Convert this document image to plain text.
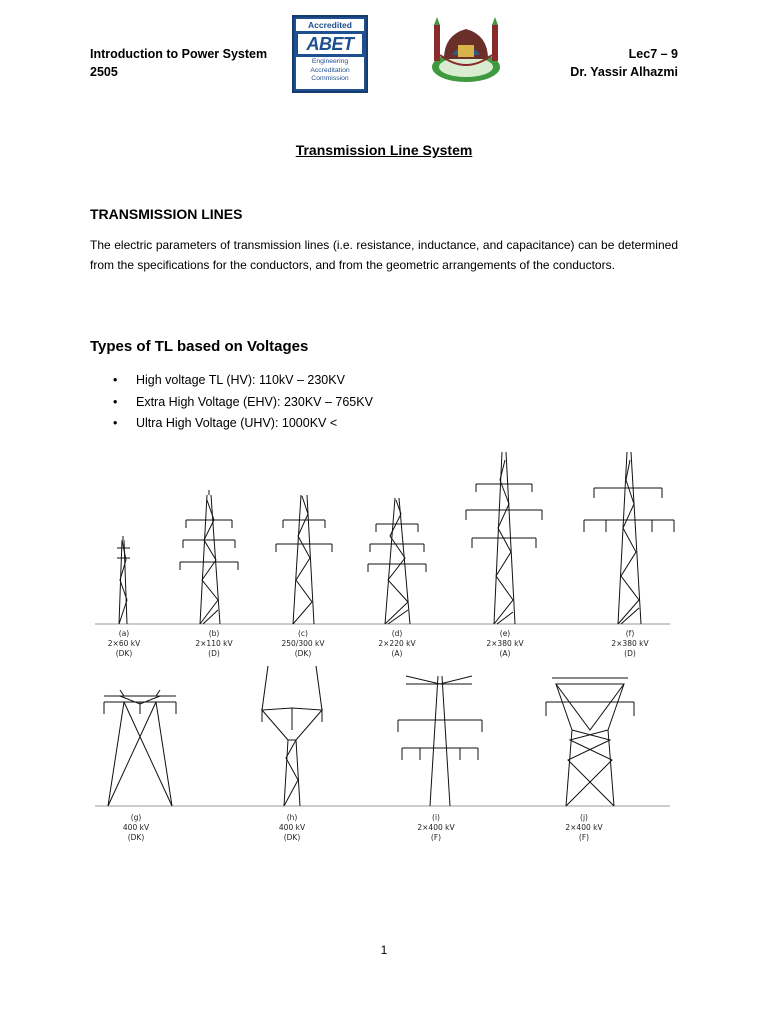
Introduction to Power System
2505
Accredited
ABET
Engineering
Accreditation
Commission
Lec7 – 9
Dr. Yassir Alhazmi
Transmission Line System
TRANSMISSION LINES
The electric parameters of transmission lines (i.e. resistance, inductance, and capacitance) can be determined from the specifications for the conductors, and from the geometric arrangements of the conductors.
Types of TL based on Voltages
• High voltage TL (HV): 110kV – 230KV
• Extra High Voltage (EHV): 230KV – 765KV
• Ultra High Voltage (UHV): 1000KV <
(a)
2×60 kV
(DK)
(b)
2×110 kV
(D)
(c)
250/300 kV
(DK)
(d)
2×220 kV
(A)
(e)
2×380 kV
(A)
(f)
2×380 kV
(D)
(g)
400 kV
(DK)
(h)
400 kV
(DK)
(i)
2×400 kV
(F)
(j)
2×400 kV
(F)
1
